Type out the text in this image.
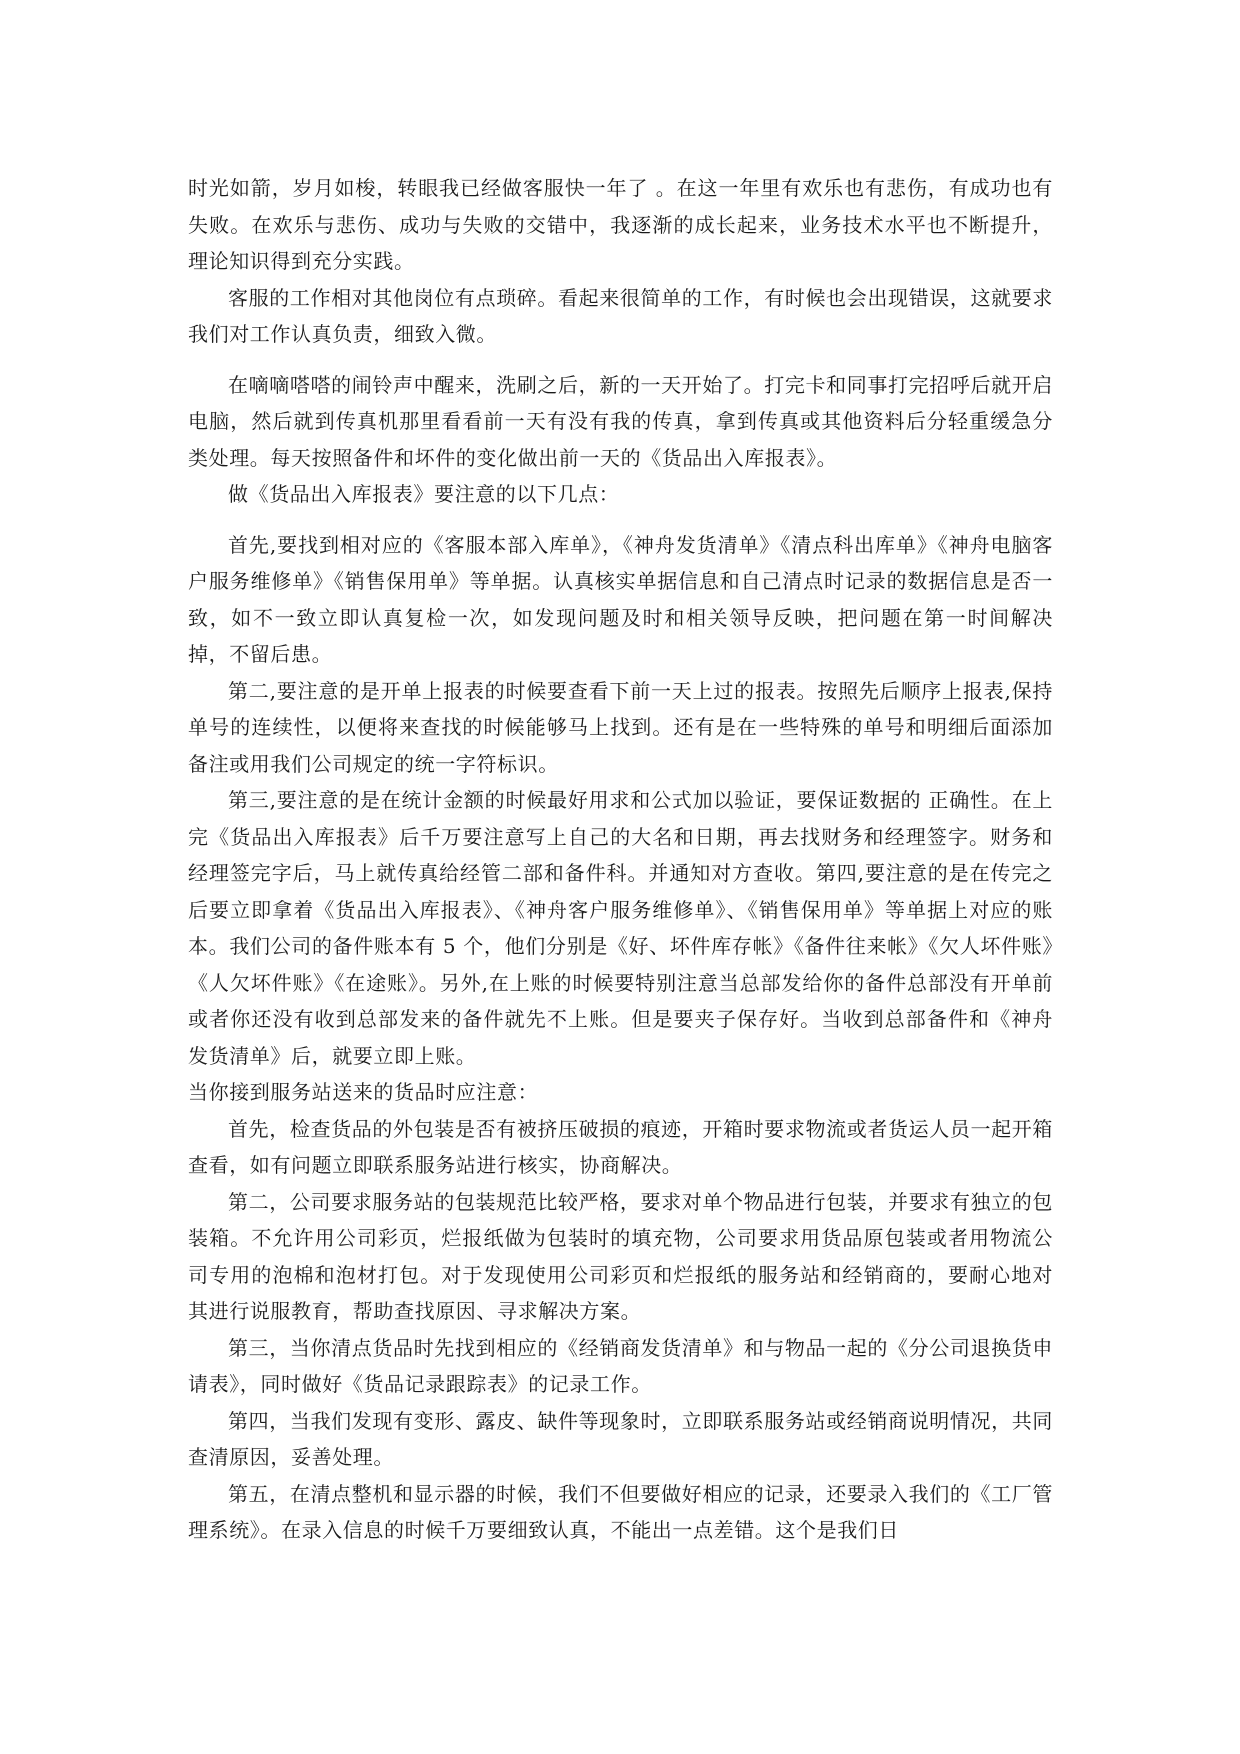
时光如箭，岁月如梭，转眼我已经做客服快一年了 。在这一年里有欢乐也有悲伤，有成功也有失败。在欢乐与悲伤、成功与失败的交错中，我逐渐的成长起来，业务技术水平也不断提升，理论知识得到充分实践。

客服的工作相对其他岗位有点琐碎。看起来很简单的工作，有时候也会出现错误，这就要求我们对工作认真负责，细致入微。

在嘀嘀嗒嗒的闹铃声中醒来，洗刷之后，新的一天开始了。打完卡和同事打完招呼后就开启电脑，然后就到传真机那里看看前一天有没有我的传真，拿到传真或其他资料后分轻重缓急分类处理。每天按照备件和坏件的变化做出前一天的《货品出入库报表》。

做《货品出入库报表》要注意的以下几点：

首先,要找到相对应的《客服本部入库单》，《神舟发货清单》《清点科出库单》《神舟电脑客户服务维修单》《销售保用单》等单据。认真核实单据信息和自己清点时记录的数据信息是否一致，如不一致立即认真复检一次，如发现问题及时和相关领导反映，把问题在第一时间解决掉，不留后患。

第二,要注意的是开单上报表的时候要查看下前一天上过的报表。按照先后顺序上报表,保持单号的连续性，以便将来查找的时候能够马上找到。还有是在一些特殊的单号和明细后面添加备注或用我们公司规定的统一字符标识。

第三,要注意的是在统计金额的时候最好用求和公式加以验证，要保证数据的 正确性。在上完《货品出入库报表》后千万要注意写上自己的大名和日期，再去找财务和经理签字。财务和经理签完字后，马上就传真给经管二部和备件科。并通知对方查收。第四,要注意的是在传完之后要立即拿着《货品出入库报表》、《神舟客户服务维修单》、《销售保用单》等单据上对应的账本。我们公司的备件账本有 5 个，他们分别是《好、坏件库存帐》《备件往来帐》《欠人坏件账》《人欠坏件账》《在途账》。另外,在上账的时候要特别注意当总部发给你的备件总部没有开单前或者你还没有收到总部发来的备件就先不上账。但是要夹子保存好。当收到总部备件和《神舟发货清单》后，就要立即上账。

当你接到服务站送来的货品时应注意：

首先，检查货品的外包装是否有被挤压破损的痕迹，开箱时要求物流或者货运人员一起开箱查看，如有问题立即联系服务站进行核实，协商解决。

第二，公司要求服务站的包装规范比较严格，要求对单个物品进行包装，并要求有独立的包装箱。不允许用公司彩页，烂报纸做为包装时的填充物，公司要求用货品原包装或者用物流公司专用的泡棉和泡材打包。对于发现使用公司彩页和烂报纸的服务站和经销商的，要耐心地对其进行说服教育，帮助查找原因、寻求解决方案。

第三，当你清点货品时先找到相应的《经销商发货清单》和与物品一起的《分公司退换货申请表》，同时做好《货品记录跟踪表》的记录工作。

第四，当我们发现有变形、露皮、缺件等现象时，立即联系服务站或经销商说明情况，共同查清原因，妥善处理。

第五，在清点整机和显示器的时候，我们不但要做好相应的记录，还要录入我们的《工厂管理系统》。在录入信息的时候千万要细致认真，不能出一点差错。这个是我们日
